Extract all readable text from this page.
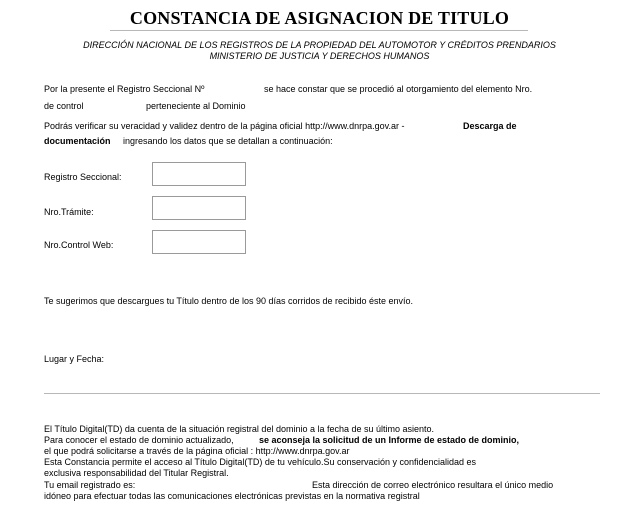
CONSTANCIA DE ASIGNACION DE TITULO
DIRECCIÓN NACIONAL DE LOS REGISTROS DE LA PROPIEDAD DEL AUTOMOTOR Y CRÉDITOS PRENDARIOS
MINISTERIO DE JUSTICIA Y DERECHOS HUMANOS
Por la presente el Registro Seccional Nº	se hace constar que se procedió al otorgamiento del elemento Nro.
de control	perteneciente al Dominio
Podrás verificar su veracidad y validez dentro de la página oficial http://www.dnrpa.gov.ar -	Descarga de
documentación ingresando los datos que se detallan a continuación:
Registro Seccional:
Nro.Trámite:
Nro.Control Web:
Te sugerimos que descargues tu Título dentro de los 90 días corridos de recibido éste envío.
Lugar y Fecha:
El Título Digital(TD) da cuenta de la situación registral del dominio a la fecha de su último asiento.
Para conocer el estado de dominio actualizado,	se aconseja la solicitud de un Informe de estado de dominio,
el que podrá solicitarse a través de la página oficial : http://www.dnrpa.gov.ar
Esta Constancia permite el acceso al Título Digital(TD) de tu vehículo.Su conservación y confidencialidad es
exclusiva responsabilidad del Titular Registral.
Tu email registrado es:	Esta dirección de correo electrónico resultara el único medio
idóneo para efectuar todas las comunicaciones electrónicas previstas en la normativa registral
